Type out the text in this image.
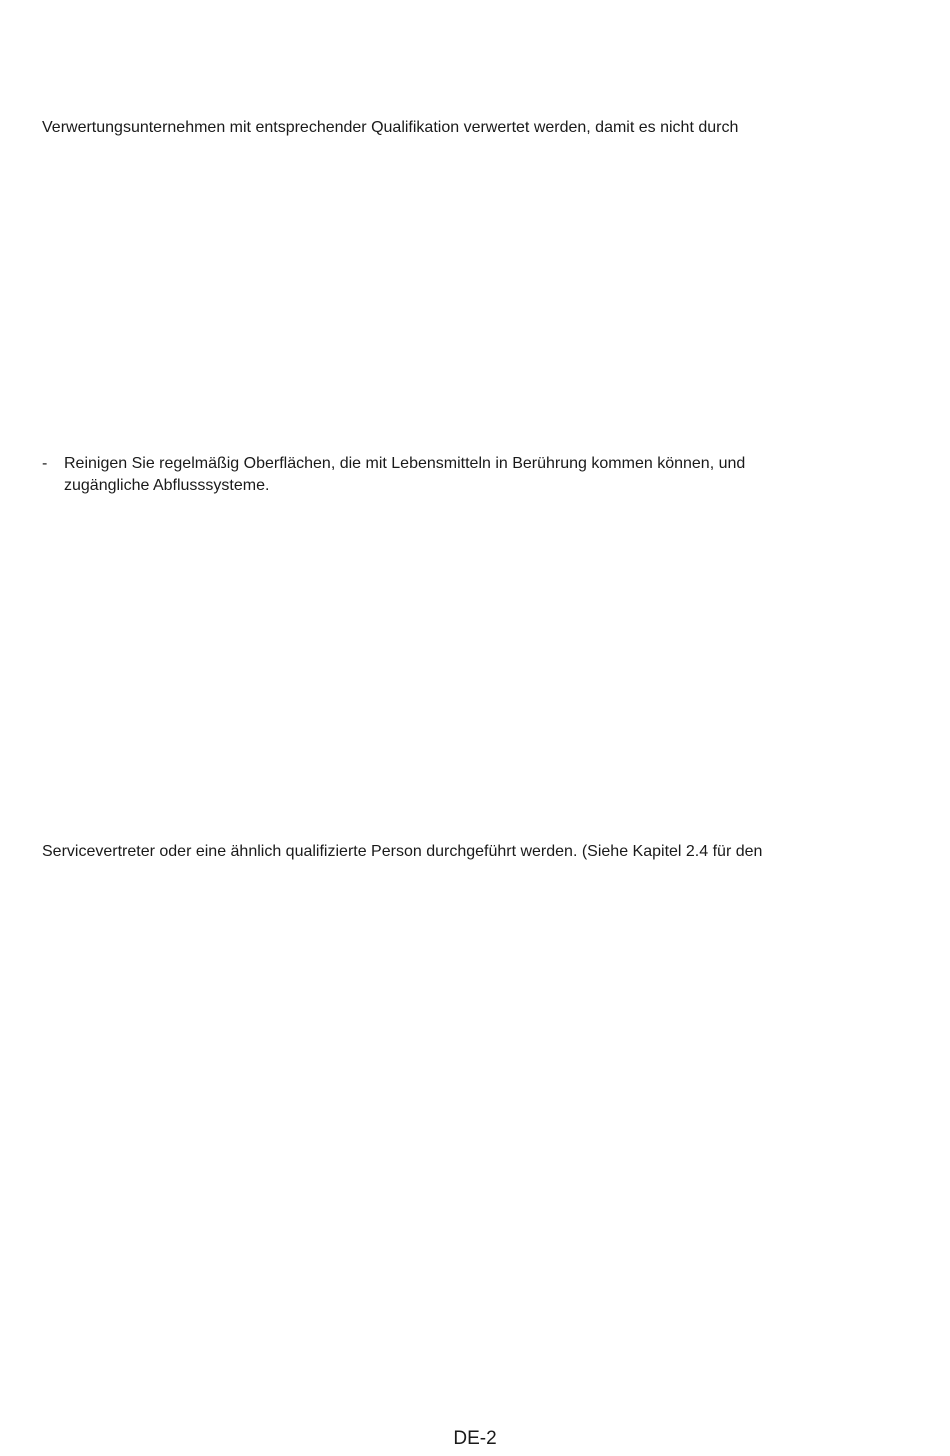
Verwertungsunternehmen mit entsprechender Qualifikation verwertet werden, damit es nicht durch
- Reinigen Sie regelmäßig Oberflächen, die mit Lebensmitteln in Berührung kommen können, und
zugängliche Abflusssysteme.
Servicevertreter oder eine ähnlich qualifizierte Person durchgeführt werden. (Siehe Kapitel 2.4 für den
DE-2
